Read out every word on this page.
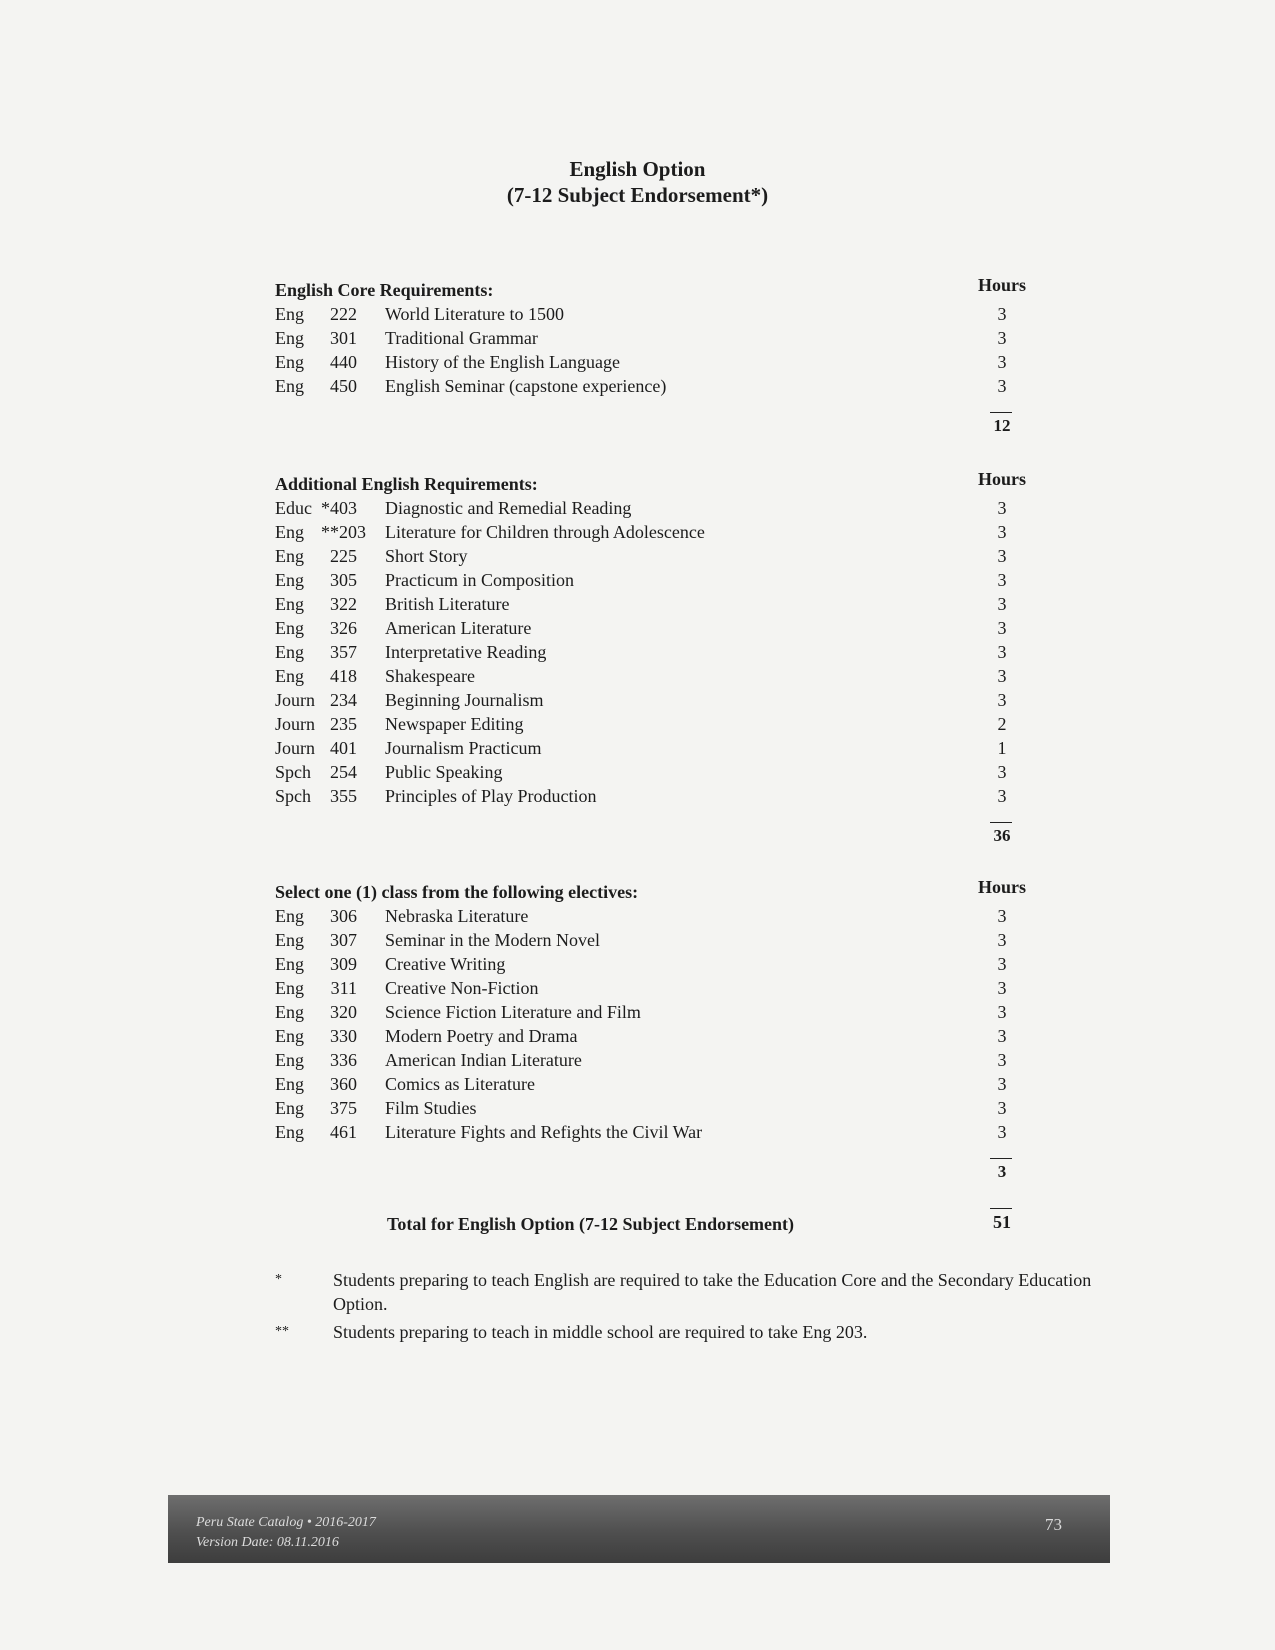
English Option
(7-12 Subject Endorsement*)
English Core Requirements:	Hours
Eng	222 World Literature to 1500	3
Eng	301 Traditional Grammar	3
Eng	440 History of the English Language	3
Eng	450 English Seminar (capstone experience)	3
12
Additional English Requirements:	Hours
Educ *403 Diagnostic and Remedial Reading	3
Eng **203 Literature for Children through Adolescence	3
Eng	225 Short Story	3
Eng	305 Practicum in Composition	3
Eng	322 British Literature	3
Eng	326 American Literature	3
Eng	357 Interpretative Reading	3
Eng	418 Shakespeare	3
Journ 234 Beginning Journalism	3
Journ 235 Newspaper Editing	2
Journ 401 Journalism Practicum	1
Spch	254 Public Speaking	3
Spch	355 Principles of Play Production	3
36
Select one (1) class from the following electives:	Hours
Eng	306 Nebraska Literature	3
Eng	307 Seminar in the Modern Novel	3
Eng	309 Creative Writing	3
Eng	311 Creative Non-Fiction	3
Eng	320 Science Fiction Literature and Film	3
Eng	330 Modern Poetry and Drama	3
Eng	336 American Indian Literature	3
Eng	360 Comics as Literature	3
Eng	375 Film Studies	3
Eng	461 Literature Fights and Refights the Civil War	3
3
Total for English Option (7-12 Subject Endorsement)	51
*	Students preparing to teach English are required to take the Education Core and the Secondary Education Option.
** Students preparing to teach in middle school are required to take Eng 203.
Peru State Catalog • 2016-2017
Version Date: 08.11.2016
73
